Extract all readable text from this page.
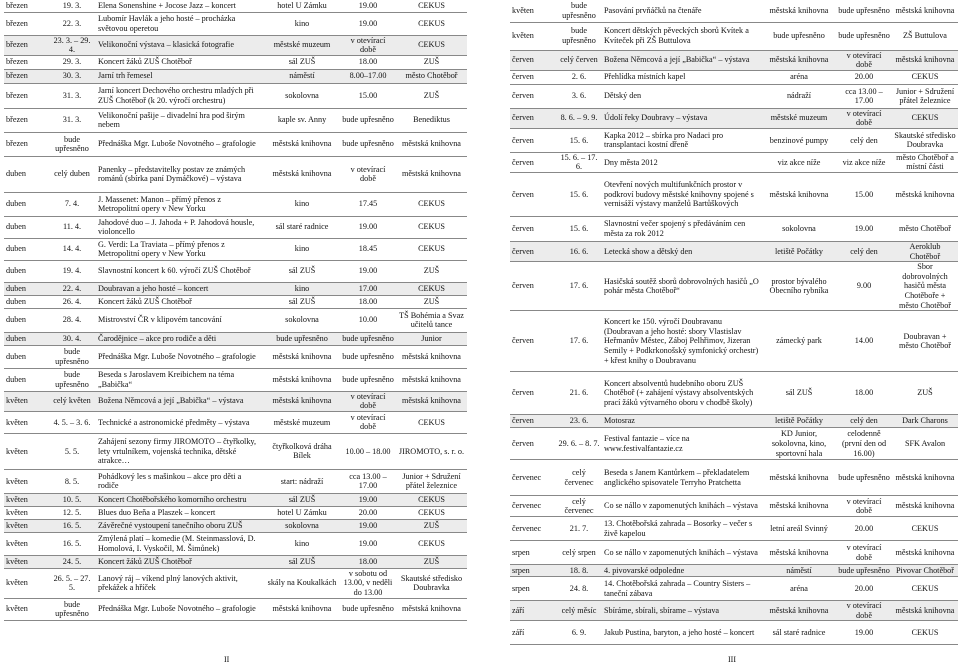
březen	19. 3.	Elena Sonenshine + Jocose Jazz – koncert	hotel U Zámku	19.00	CEKUS
březen	22. 3.	Lubomír Havlák a jeho hosté – procházka světovou operetou	kino	19.00	CEKUS
březen	23. 3. – 29. 4.	Velikonoční výstava – klasická fotografie	městské muzeum	v otevírací době	CEKUS
březen	29. 3.	Koncert žáků ZUŠ Chotěboř	sál ZUŠ	18.00	ZUŠ
březen	30. 3.	Jarní trh řemesel	náměstí	8.00–17.00	město Chotěboř
březen	31. 3.	Jarní koncert Dechového orchestru mladých při ZUŠ Chotěboř (k 20. výročí orchestru)	sokolovna	15.00	ZUŠ
březen	31. 3.	Velikonoční pašije – divadelní hra pod širým nebem	kaple sv. Anny	bude upřesněno	Benediktus
březen	bude upřesněno	Přednáška Mgr. Luboše Novotného – grafologie	městská knihovna	bude upřesněno	městská knihovna
duben	celý duben	Panenky – představitelky postav ze známých románů (sbírka paní Dymáčkové) – výstava	městská knihovna	v otevírací době	městská knihovna
duben	7. 4.	J. Massenet: Manon – přímý přenos z Metropolitní opery v New Yorku	kino	17.45	CEKUS
duben	11. 4.	Jahodové duo – J. Jahoda + P. Jahodová housle, violoncello	sál staré radnice	19.00	CEKUS
duben	14. 4.	G. Verdi: La Traviata – přímý přenos z Metropolitní opery v New Yorku	kino	18.45	CEKUS
duben	19. 4.	Slavnostní koncert k 60. výročí ZUŠ Chotěboř	sál ZUŠ	19.00	ZUŠ
duben	22. 4.	Doubravan a jeho hosté – koncert	kino	17.00	CEKUS
duben	26. 4.	Koncert žáků ZUŠ Chotěboř	sál ZUŠ	18.00	ZUŠ
duben	28. 4.	Mistrovství ČR v klipovém tancování	sokolovna	10.00	TŠ Bohémia a Svaz učitelů tance
duben	30. 4.	Čarodějnice – akce pro rodiče a děti	bude upřesněno	bude upřesněno	Junior
duben	bude upřesněno	Přednáška Mgr. Luboše Novotného – grafologie	městská knihovna	bude upřesněno	městská knihovna
duben	bude upřesněno	Beseda s Jaroslavem Kreibichem na téma „Babička“	městská knihovna	bude upřesněno	městská knihovna
květen	celý květen	Božena Němcová a její „Babička“ – výstava	městská knihovna	v otevírací době	městská knihovna
květen	4. 5. – 3. 6.	Technické a astronomické předměty – výstava	městské muzeum	v otevírací době	CEKUS
květen	5. 5.	Zahájení sezony firmy JIROMOTO – čtyřkolky, lety vrtulníkem, vojenská technika, dětské atrakce…	čtyřkolková dráha Bílek	10.00 – 18.00	JIROMOTO, s. r. o.
květen	8. 5.	Pohádkový les s mašinkou – akce pro děti a rodiče	start: nádraží	cca 13.00 – 17.00	Junior + Sdružení přátel železnice
květen	10. 5.	Koncert Chotěbořského komorního orchestru	sál ZUŠ	19.00	CEKUS
květen	12. 5.	Blues duo Beňa a Plaszek – koncert	hotel U Zámku	20.00	CEKUS
květen	16. 5.	Závěrečné vystoupení tanečního oboru ZUŠ	sokolovna	19.00	ZUŠ
květen	16. 5.	Zmýlená platí – komedie (M. Steinmasslová, D. Homolová, I. Vyskočil, M. Šimůnek)	kino	19.00	CEKUS
květen	24. 5.	Koncert žáků ZUŠ Chotěboř	sál ZUŠ	18.00	ZUŠ
květen	26. 5. – 27. 5.	Lanový ráj – víkend plný lanových aktivit, překážek a hříček	skály na Koukalkách	v sobotu od 13.00, v neděli do 13.00	Skautské středisko Doubravka
květen	bude upřesněno	Přednáška Mgr. Luboše Novotného – grafologie	městská knihovna	bude upřesněno	městská knihovna
květen	bude upřesněno	Pasování prvňáčků na čtenáře	městská knihovna	bude upřesněno	městská knihovna
květen	bude upřesněno	Koncert dětských pěveckých sborů Kvítek a Kvíteček při ZŠ Buttulova	bude upřesněno	bude upřesněno	ZŠ Buttulova
červen	celý červen	Božena Němcová a její „Babička“ – výstava	městská knihovna	v otevírací době	městská knihovna
červen	2. 6.	Přehlídka místních kapel	aréna	20.00	CEKUS
červen	3. 6.	Dětský den	nádraží	cca 13.00 – 17.00	Junior + Sdružení přátel železnice
červen	8. 6. – 9. 9.	Údolí řeky Doubravy – výstava	městské muzeum	v otevírací době	CEKUS
červen	15. 6.	Kapka 2012 – sbírka pro Nadaci pro transplantaci kostní dřeně	benzinové pumpy	celý den	Skautské středisko Doubravka
červen	15. 6. – 17. 6.	Dny města 2012	viz akce níže	viz akce níže	město Chotěboř a místní části
červen	15. 6.	Otevření nových multifunkčních prostor v podkroví budovy městské knihovny spojené s vernisáží výstavy manželů Bartůškových	městská knihovna	15.00	městská knihovna
červen	15. 6.	Slavnostní večer spojený s předáváním cen města za rok 2012	sokolovna	19.00	město Chotěboř
červen	16. 6.	Letecká show a dětský den	letiště Počátky	celý den	Aeroklub Chotěboř
červen	17. 6.	Hasičská soutěž sborů dobrovolných hasičů „O pohár města Chotěboř“	prostor bývalého Obecního rybníka	9.00	Sbor dobrovolných hasičů města Chotěboře + město Chotěboř
červen	17. 6.	Koncert ke 150. výročí Doubravanu (Doubravan a jeho hosté: sbory Vlastislav Heřmanův Městec, Záboj Pelhřimov, Jizeran Semily + Podkrkonošský symfonický orchestr) + křest knihy o Doubravanu	zámecký park	14.00	Doubravan + město Chotěboř
červen	21. 6.	Koncert absolventů hudebního oboru ZUŠ Chotěboř (+ zahájení výstavy absolventských prací žáků výtvarného oboru v chodbě školy)	sál ZUŠ	18.00	ZUŠ
červen	23. 6.	Motosraz	letiště Počátky	celý den	Dark Charons
červen	29. 6. – 8. 7.	Festival fantazie – více na www.festivalfantazie.cz	KD Junior, sokolovna, kino, sportovní hala	celodenně (první den od 16.00)	SFK Avalon
červenec	celý červenec	Beseda s Janem Kantůrkem – překladatelem anglického spisovatele Terryho Pratchetta	městská knihovna	bude upřesněno	městská knihovna
červenec	celý červenec	Co se nállo v zapomenutých knihách – výstava	městská knihovna	v otevírací době	městská knihovna
červenec	21. 7.	13. Chotěbořská zahrada – Bosorky – večer s živě kapelou	letní areál Svinný	20.00	CEKUS
srpen	celý srpen	Co se nállo v zapomenutých knihách – výstava	městská knihovna	v otevírací době	městská knihovna
srpen	18. 8.	4. pivovarské odpoledne	náměstí	bude upřesněno	Pivovar Chotěboř
srpen	24. 8.	14. Chotěbořská zahrada – Country Sisters – taneční zábava	aréna	20.00	CEKUS
září	celý měsíc	Sbíráme, sbírali, sbírame – výstava	městská knihovna	v otevírací době	městská knihovna
září	6. 9.	Jakub Pustina, baryton, a jeho hosté – koncert	sál staré radnice	19.00	CEKUS
II	III
